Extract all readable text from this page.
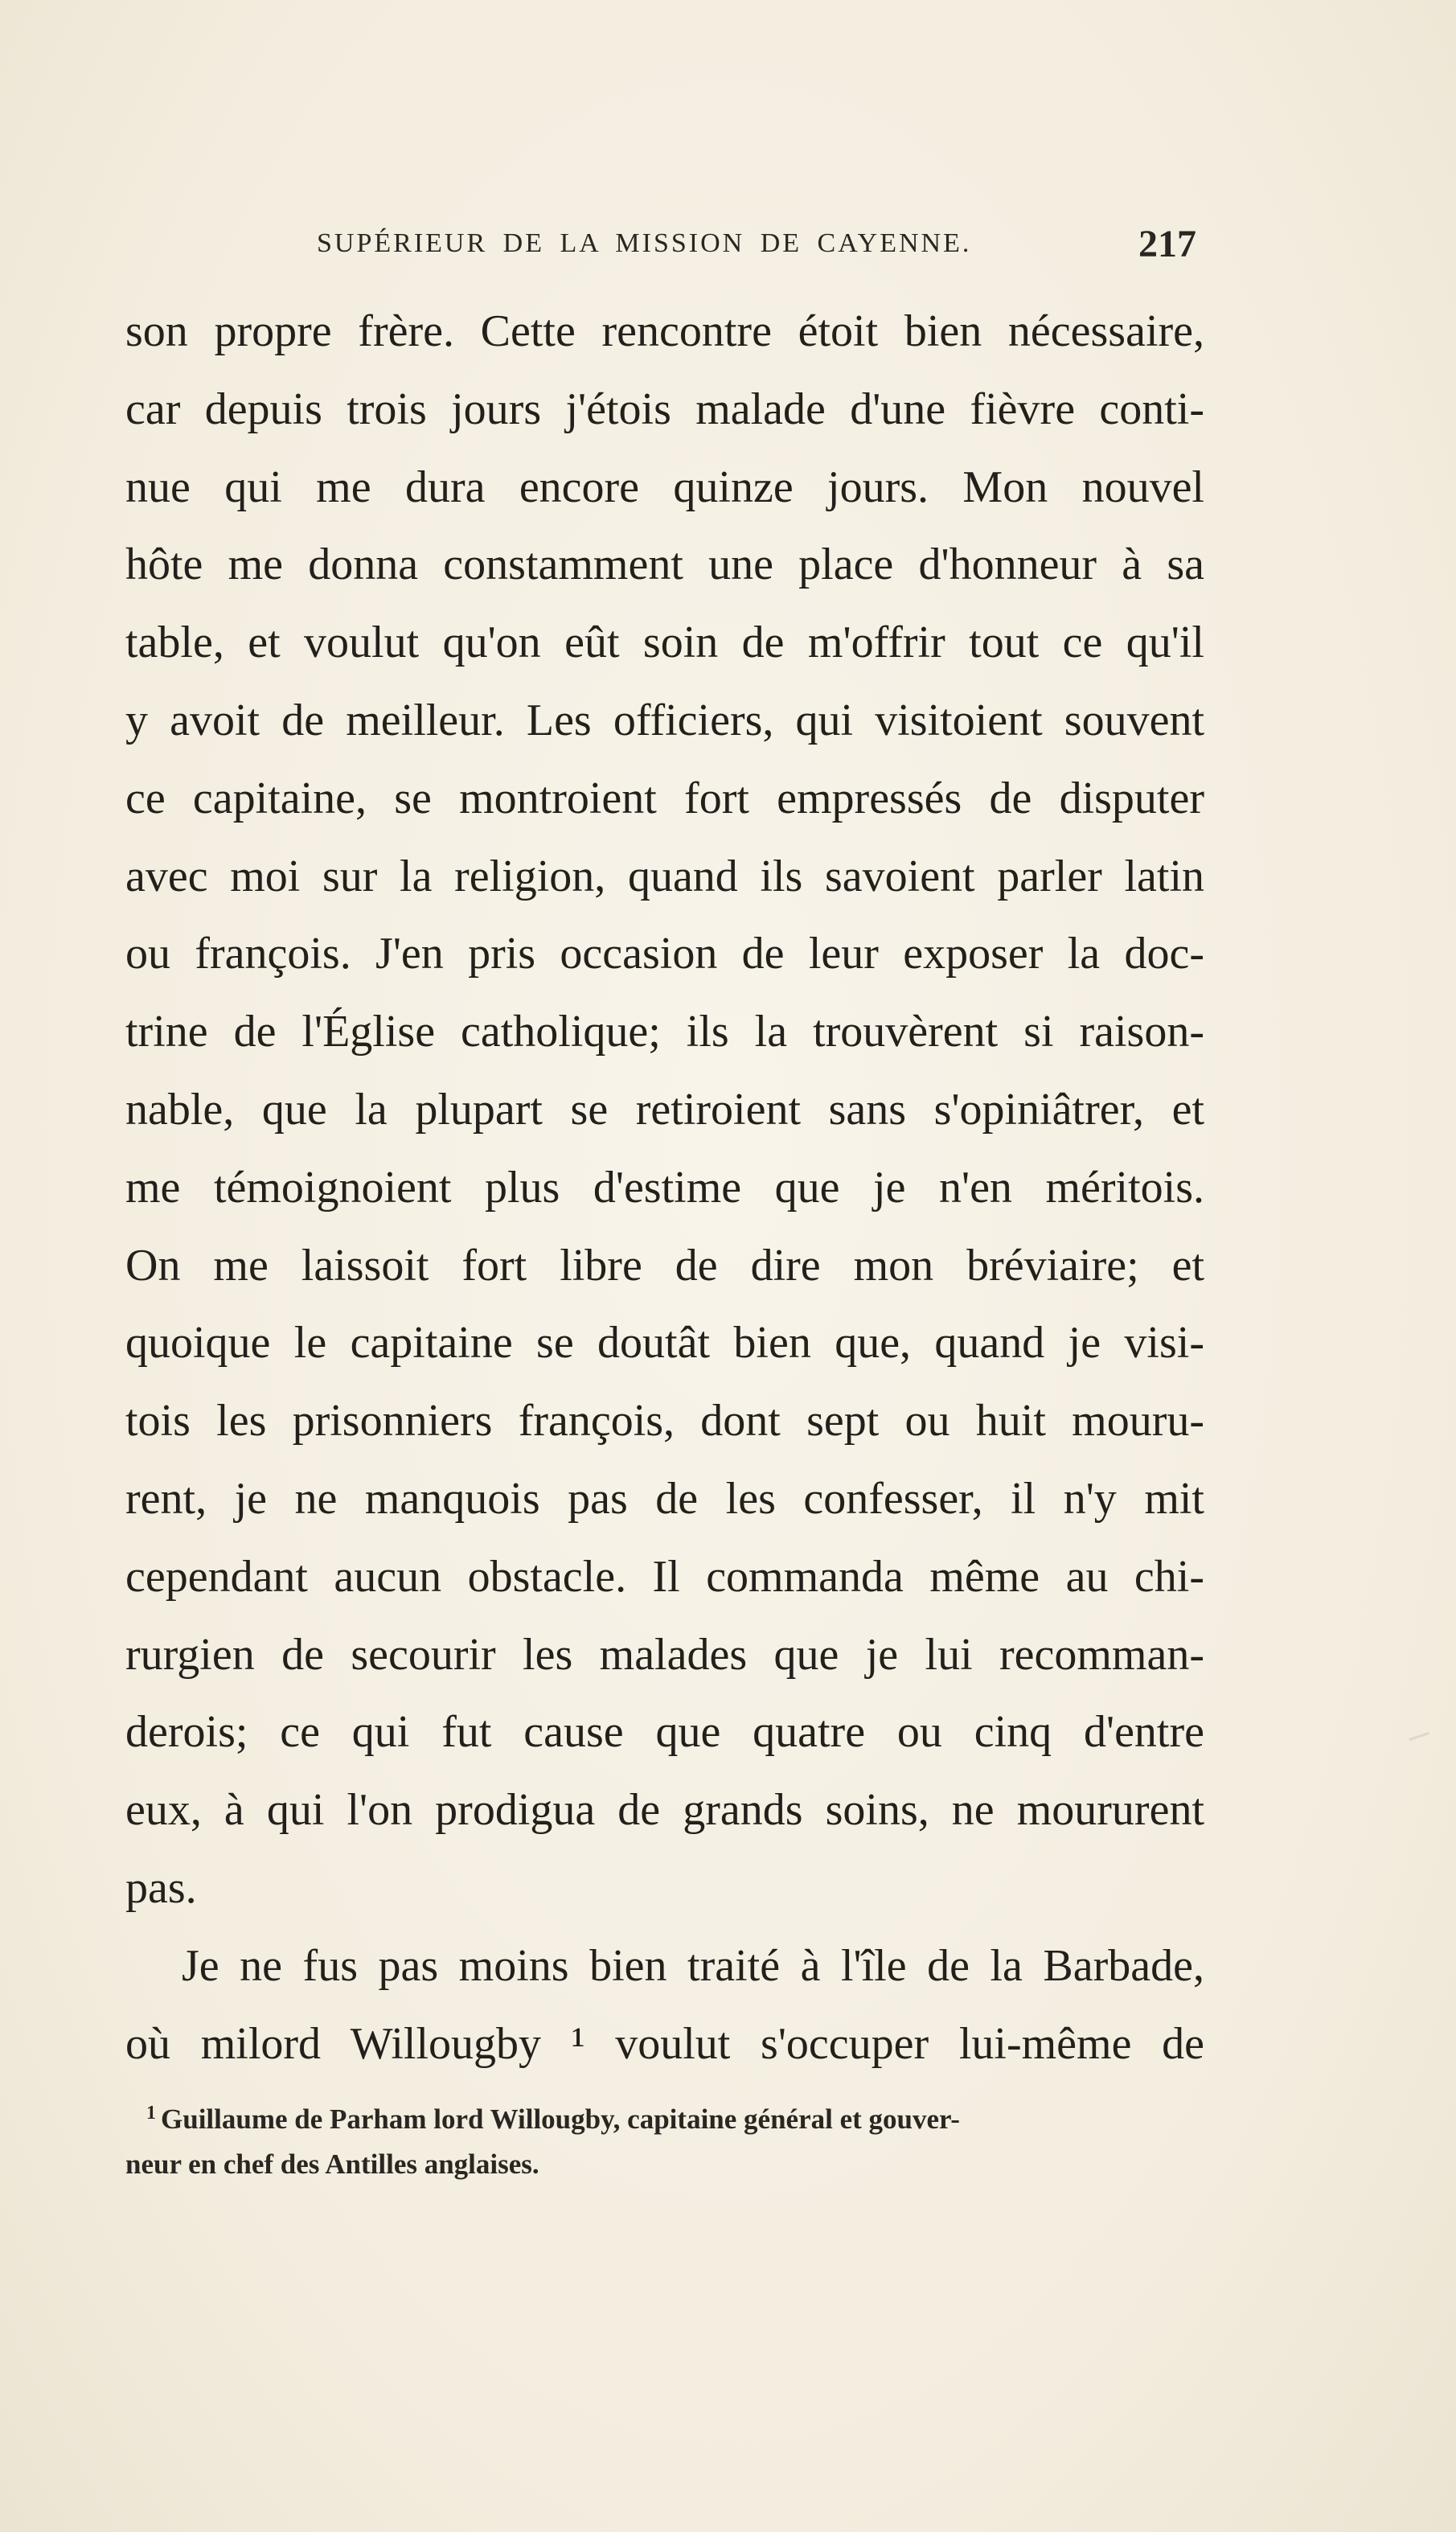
SUPÉRIEUR DE LA MISSION DE CAYENNE.	217
son propre frère. Cette rencontre étoit bien nécessaire,
car depuis trois jours j'étois malade d'une fièvre conti-
nue qui me dura encore quinze jours. Mon nouvel
hôte me donna constamment une place d'honneur à sa
table, et voulut qu'on eût soin de m'offrir tout ce qu'il
y avoit de meilleur. Les officiers, qui visitoient souvent
ce capitaine, se montroient fort empressés de disputer
avec moi sur la religion, quand ils savoient parler latin
ou françois. J'en pris occasion de leur exposer la doc-
trine de l'Église catholique; ils la trouvèrent si raison-
nable, que la plupart se retiroient sans s'opiniâtrer, et
me témoignoient plus d'estime que je n'en méritois.
On me laissoit fort libre de dire mon bréviaire; et
quoique le capitaine se doutât bien que, quand je visi-
tois les prisonniers françois, dont sept ou huit mouru-
rent, je ne manquois pas de les confesser, il n'y mit
cependant aucun obstacle. Il commanda même au chi-
rurgien de secourir les malades que je lui recomman-
derois; ce qui fut cause que quatre ou cinq d'entre
eux, à qui l'on prodigua de grands soins, ne moururent
pas.
Je ne fus pas moins bien traité à l'île de la Barbade,
où milord Willougby ¹ voulut s'occuper lui-même de
$^1$ Guillaume de Parham lord Willougby, capitaine général et gouver-
neur en chef des Antilles anglaises.
